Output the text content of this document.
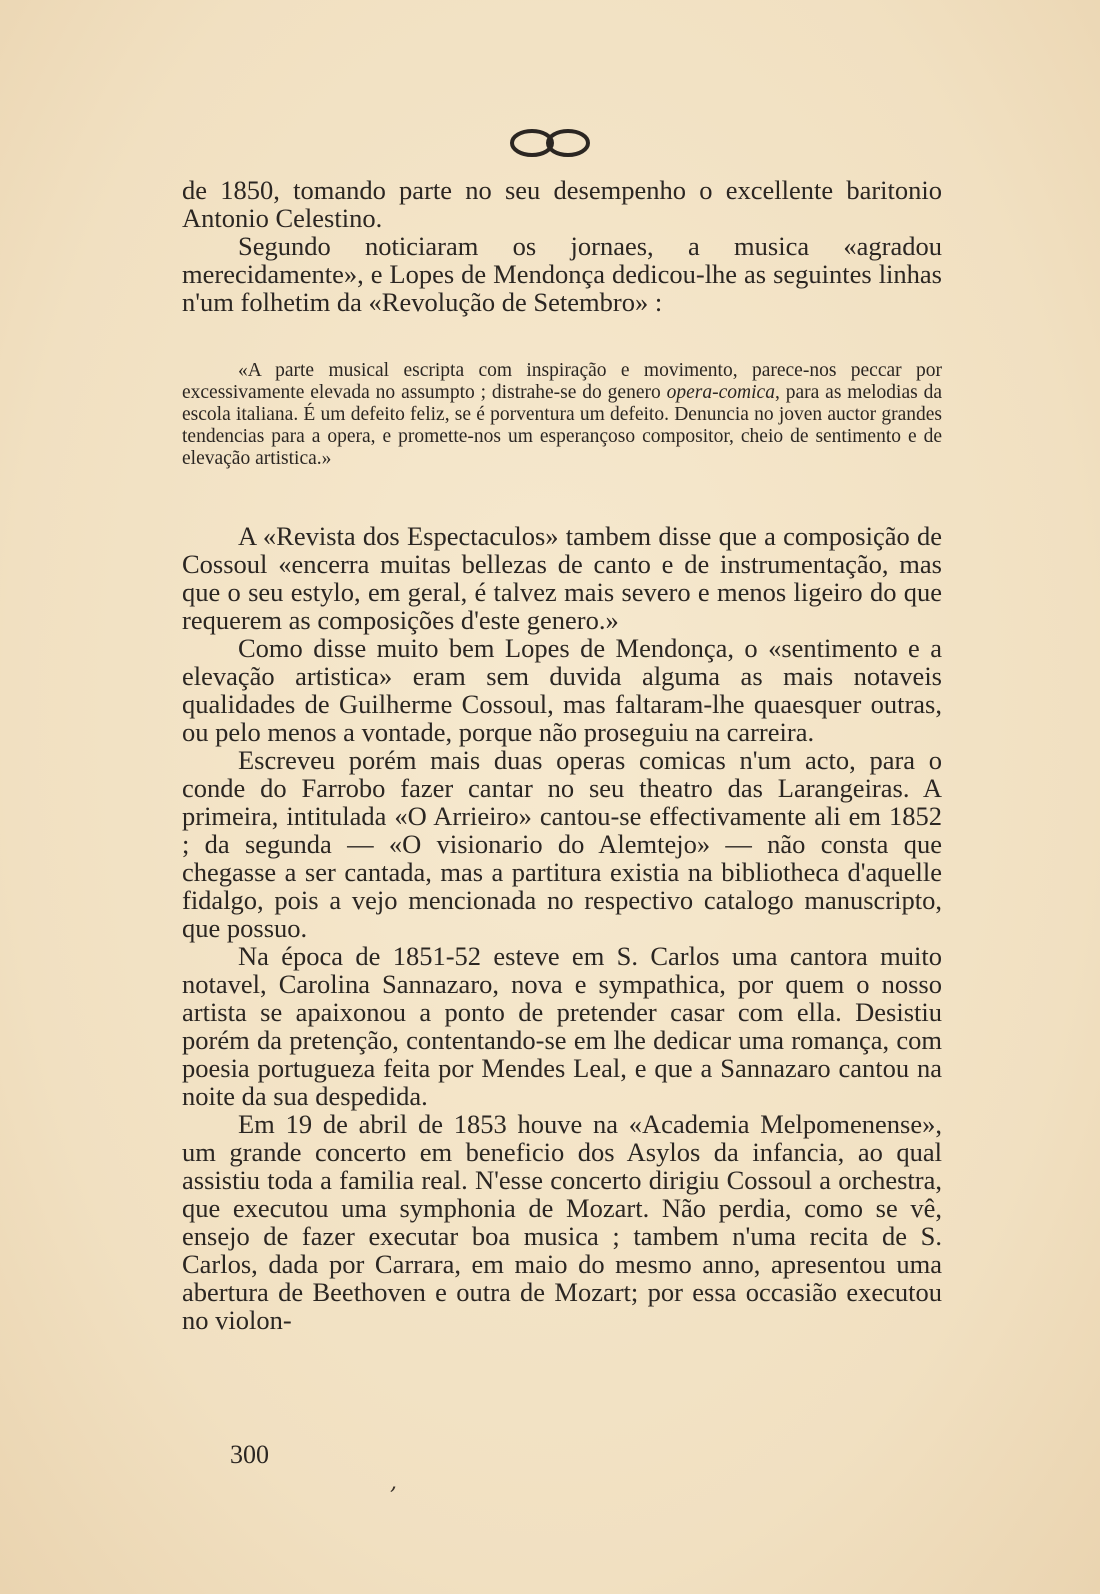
de 1850, tomando parte no seu desempenho o excellente baritonio Antonio Celestino.

Segundo noticiaram os jornaes, a musica «agradou merecidamente», e Lopes de Mendonça dedicou-lhe as seguintes linhas n'um folhetim da «Revolução de Setembro» :

«A parte musical escripta com inspiração e movimento, parece-nos peccar por excessivamente elevada no assumpto ; distrahe-se do genero opera-comica, para as melodias da escola italiana. É um defeito feliz, se é porventura um defeito. Denuncia no joven auctor grandes tendencias para a opera, e promette-nos um esperançoso compositor, cheio de sentimento e de elevação artistica.»

A «Revista dos Espectaculos» tambem disse que a composição de Cossoul «encerra muitas bellezas de canto e de instrumentação, mas que o seu estylo, em geral, é talvez mais severo e menos ligeiro do que requerem as composições d'este genero.»

Como disse muito bem Lopes de Mendonça, o «sentimento e a elevação artistica» eram sem duvida alguma as mais notaveis qualidades de Guilherme Cossoul, mas faltaram-lhe quaesquer outras, ou pelo menos a vontade, porque não proseguiu na carreira.

Escreveu porém mais duas operas comicas n'um acto, para o conde do Farrobo fazer cantar no seu theatro das Larangeiras. A primeira, intitulada «O Arrieiro» cantou-se effectivamente ali em 1852 ; da segunda — «O visionario do Alemtejo» — não consta que chegasse a ser cantada, mas a partitura existia na bibliotheca d'aquelle fidalgo, pois a vejo mencionada no respectivo catalogo manuscripto, que possuo.

Na época de 1851-52 esteve em S. Carlos uma cantora muito notavel, Carolina Sannazaro, nova e sympathica, por quem o nosso artista se apaixonou a ponto de pretender casar com ella. Desistiu porém da pretenção, contentando-se em lhe dedicar uma romança, com poesia portugueza feita por Mendes Leal, e que a Sannazaro cantou na noite da sua despedida.

Em 19 de abril de 1853 houve na «Academia Melpomenense», um grande concerto em beneficio dos Asylos da infancia, ao qual assistiu toda a familia real. N'esse concerto dirigiu Cossoul a orchestra, que executou uma symphonia de Mozart. Não perdia, como se vê, ensejo de fazer executar boa musica ; tambem n'uma recita de S. Carlos, dada por Carrara, em maio do mesmo anno, apresentou uma abertura de Beethoven e outra de Mozart; por essa occasião executou no violon-

300
,
